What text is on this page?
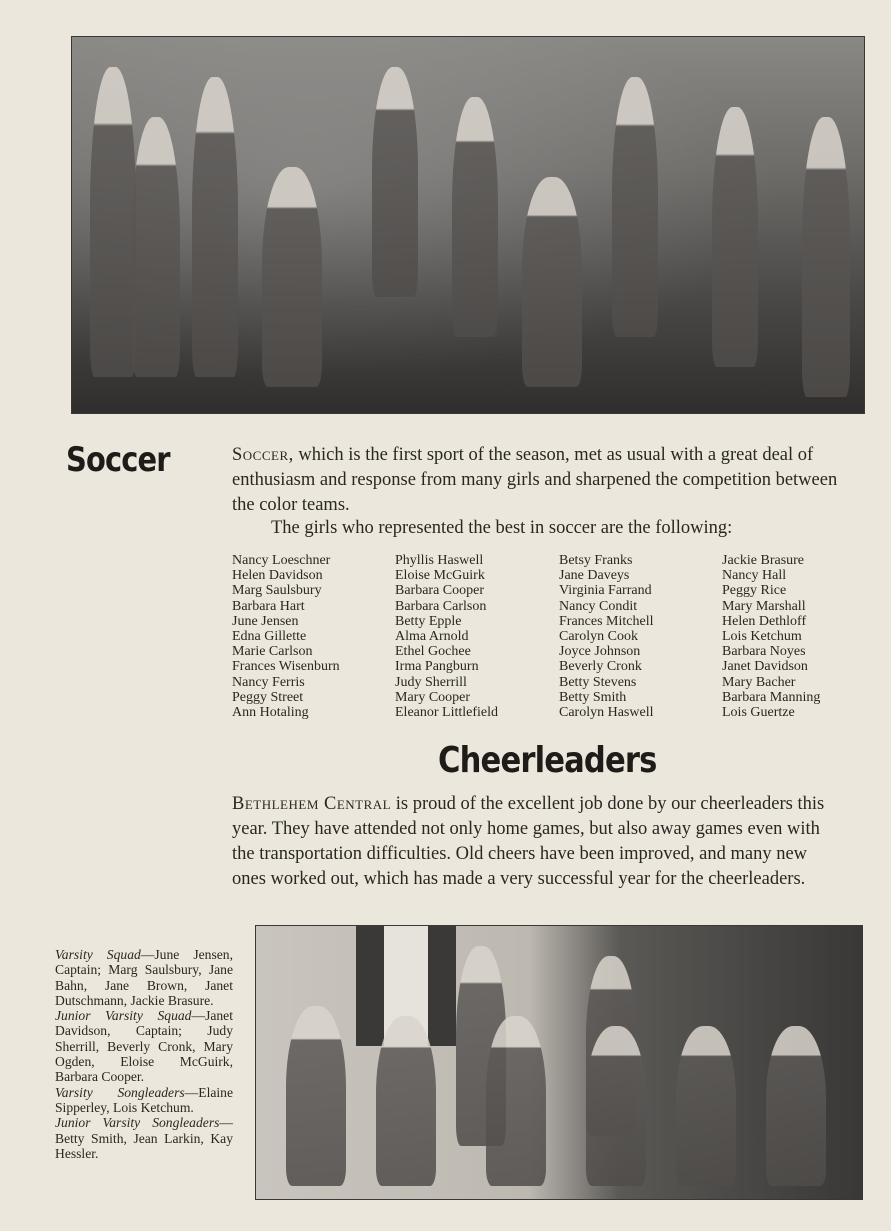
Soccer	Soccer, which is the first sport of the season, met as usual with a great deal of enthusiasm and response from many girls and sharpened the competition between the color teams.
The girls who represented the best in soccer are the following:
Nancy Loeschner
Helen Davidson
Marg Saulsbury
Barbara Hart
June Jensen
Edna Gillette
Marie Carlson
Frances Wisenburn
Nancy Ferris
Peggy Street
Ann Hotaling
Phyllis Haswell
Eloise McGuirk
Barbara Cooper
Barbara Carlson
Betty Epple
Alma Arnold
Ethel Gochee
Irma Pangburn
Judy Sherrill
Mary Cooper
Eleanor Littlefield
Betsy Franks
Jane Daveys
Virginia Farrand
Nancy Condit
Frances Mitchell
Carolyn Cook
Joyce Johnson
Beverly Cronk
Betty Stevens
Betty Smith
Carolyn Haswell
Jackie Brasure
Nancy Hall
Peggy Rice
Mary Marshall
Helen Dethloff
Lois Ketchum
Barbara Noyes
Janet Davidson
Mary Bacher
Barbara Manning
Lois Guertze
Cheerleaders
Bethlehem Central is proud of the excellent job done by our cheerleaders this year. They have attended not only home games, but also away games even with the transportation difficulties. Old cheers have been improved, and many new ones worked out, which has made a very successful year for the cheerleaders.
Varsity Squad—June Jensen, Captain; Marg Saulsbury, Jane Bahn, Jane Brown, Janet Dutschmann, Jackie Brasure.
Junior Varsity Squad—Janet Davidson, Captain; Judy Sherrill, Beverly Cronk, Mary Ogden, Eloise McGuirk, Barbara Cooper.
Varsity Songleaders—Elaine Sipperley, Lois Ketchum.
Junior Varsity Songleaders—Betty Smith, Jean Larkin, Kay Hessler.
